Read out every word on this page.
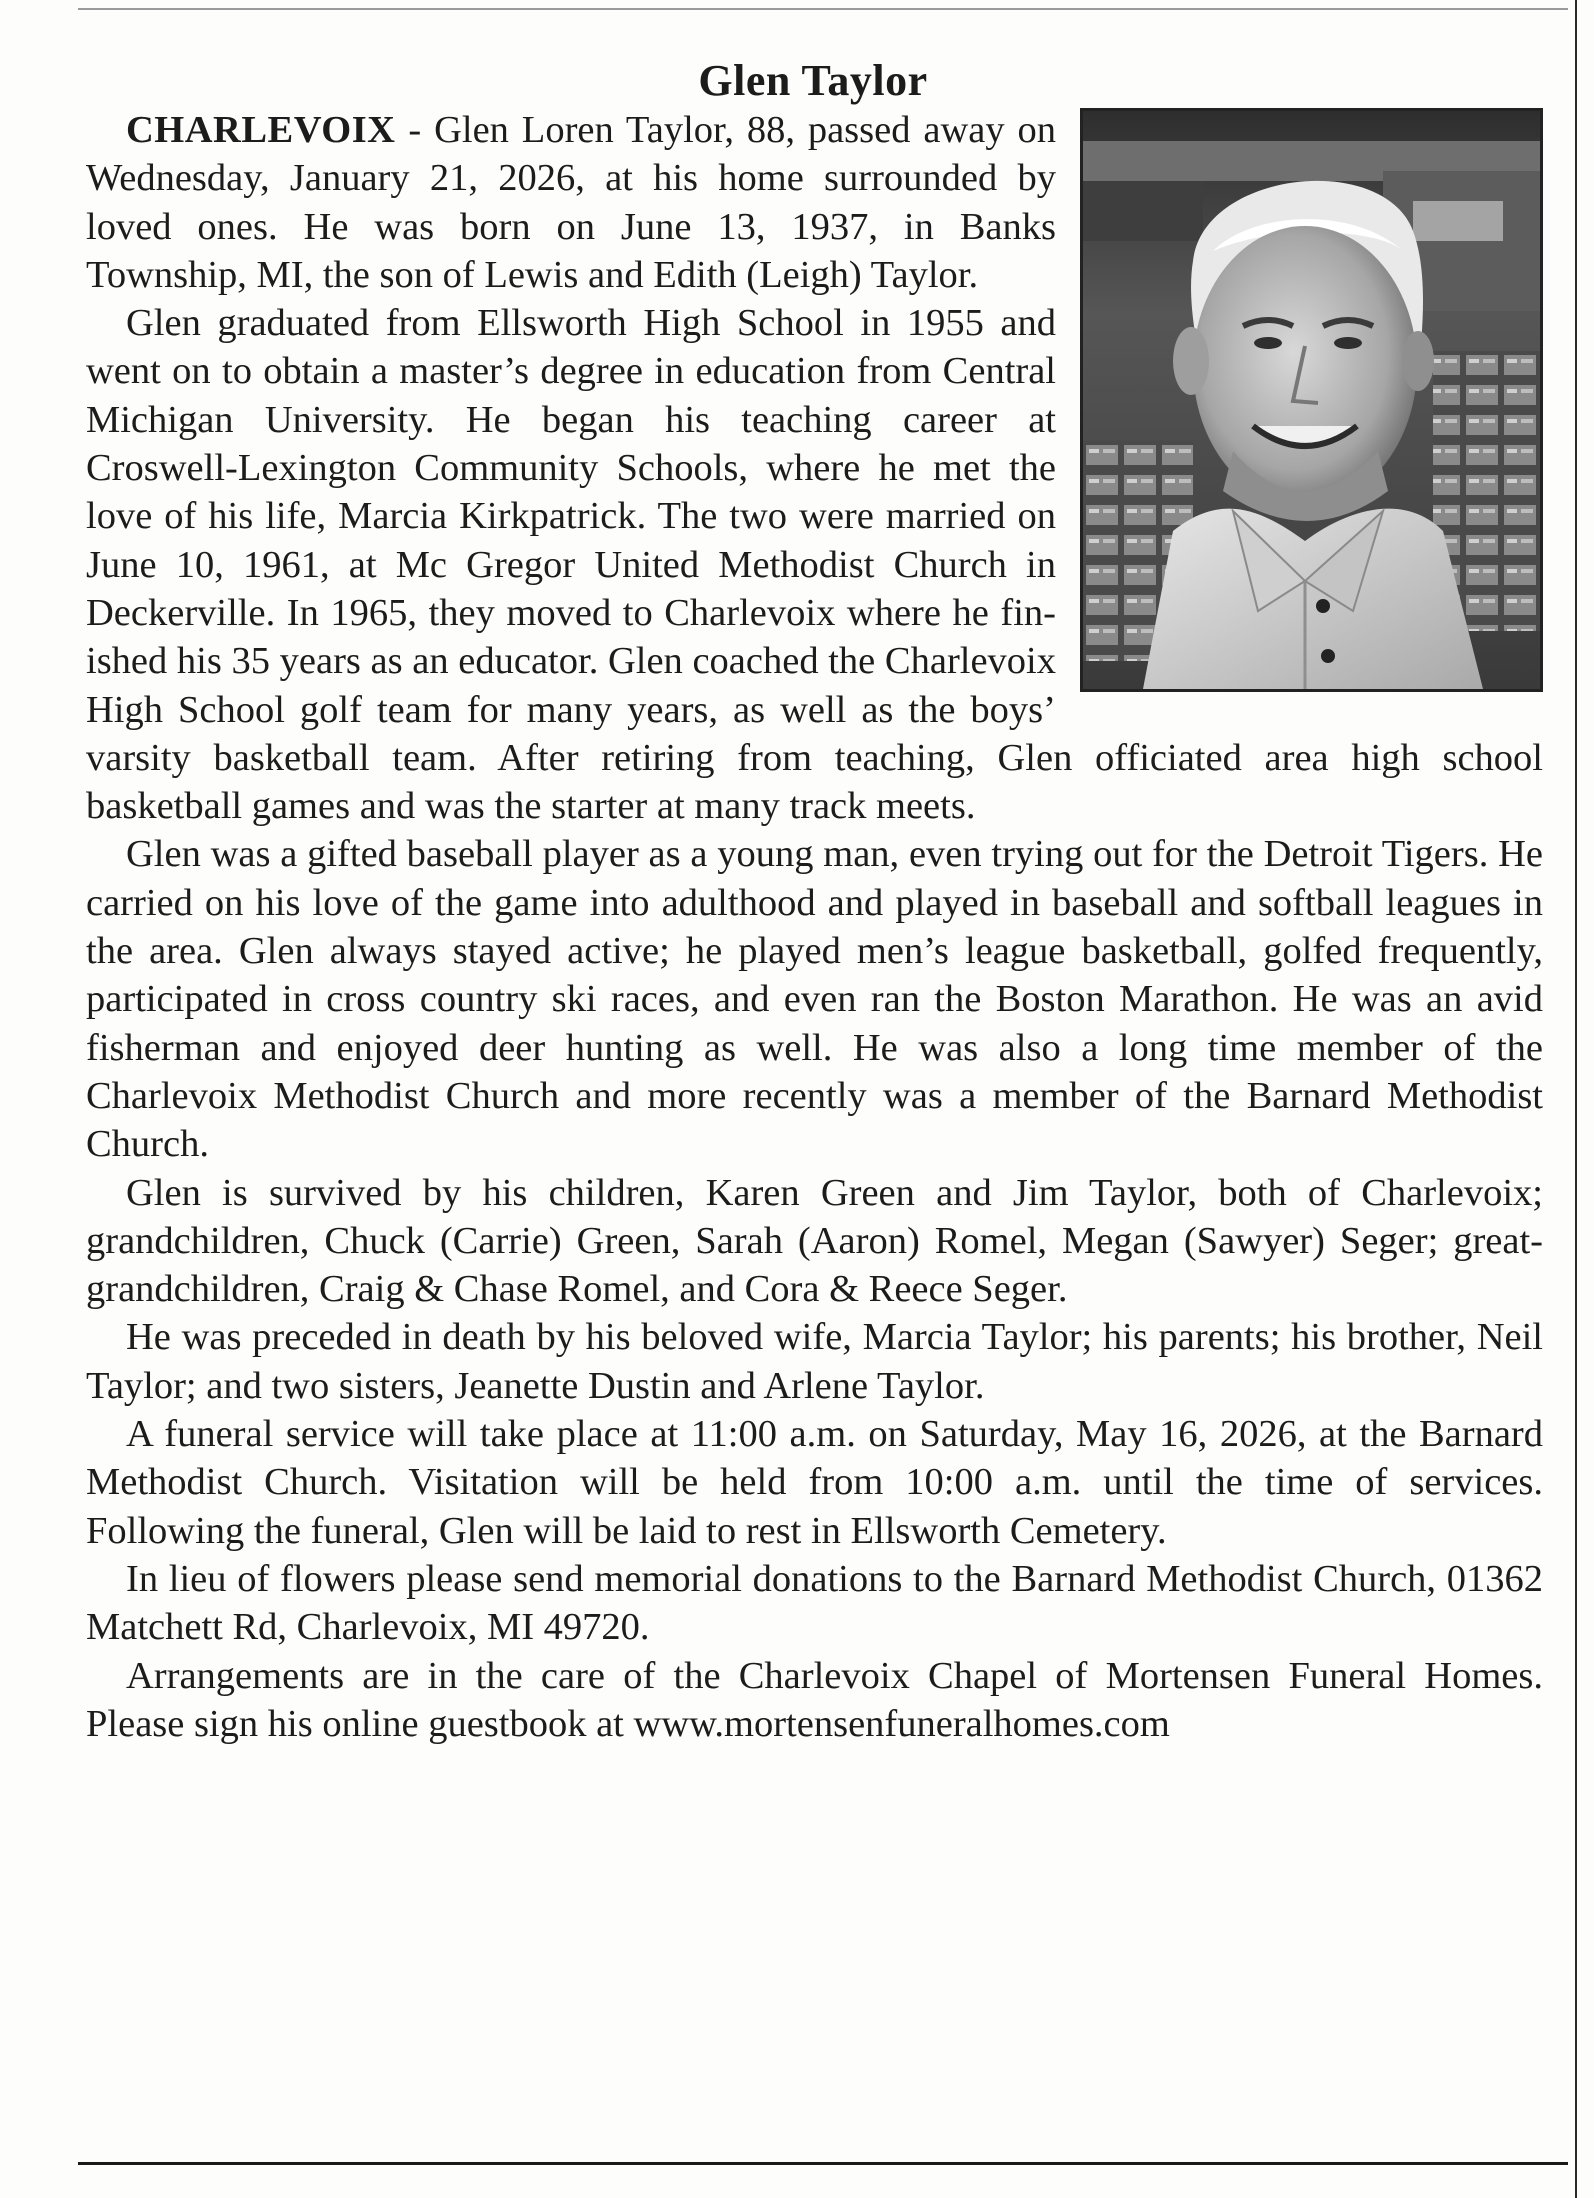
Glen Taylor

CHARLEVOIX - Glen Loren Taylor, 88, passed away on Wednesday, January 21, 2026, at his home surrounded by loved ones. He was born on June 13, 1937, in Banks Township, MI, the son of Lewis and Edith (Leigh) Taylor.

Glen graduated from Ellsworth High School in 1955 and went on to obtain a master’s degree in education from Central Michigan University. He began his teaching career at Croswell-Lexington Community Schools, where he met the love of his life, Marcia Kirkpatrick. The two were married on June 10, 1961, at Mc Gregor United Methodist Church in Deckerville. In 1965, they moved to Charlevoix where he finished his 35 years as an educator. Glen coached the Charlevoix High School golf team for many years, as well as the boys’ varsity basketball team. After retiring from teaching, Glen officiated area high school basketball games and was the starter at many track meets.

Glen was a gifted baseball player as a young man, even trying out for the Detroit Tigers. He carried on his love of the game into adulthood and played in baseball and softball leagues in the area. Glen always stayed active; he played men’s league basketball, golfed frequently, participated in cross country ski races, and even ran the Boston Marathon. He was an avid fisherman and enjoyed deer hunting as well. He was also a long time member of the Charlevoix Methodist Church and more recently was a member of the Barnard Methodist Church.

Glen is survived by his children, Karen Green and Jim Taylor, both of Charlevoix; grandchildren, Chuck (Carrie) Green, Sarah (Aaron) Romel, Megan (Sawyer) Seger; great-grandchildren, Craig & Chase Romel, and Cora & Reece Seger.

He was preceded in death by his beloved wife, Marcia Taylor; his parents; his brother, Neil Taylor; and two sisters, Jeanette Dustin and Arlene Taylor.

A funeral service will take place at 11:00 a.m. on Saturday, May 16, 2026, at the Barnard Methodist Church. Visitation will be held from 10:00 a.m. until the time of services. Following the funeral, Glen will be laid to rest in Ellsworth Cemetery.

In lieu of flowers please send memorial donations to the Barnard Methodist Church, 01362 Matchett Rd, Charlevoix, MI 49720.

Arrangements are in the care of the Charlevoix Chapel of Mortensen Funeral Homes. Please sign his online guestbook at www.mortensenfuneralhomes.com
